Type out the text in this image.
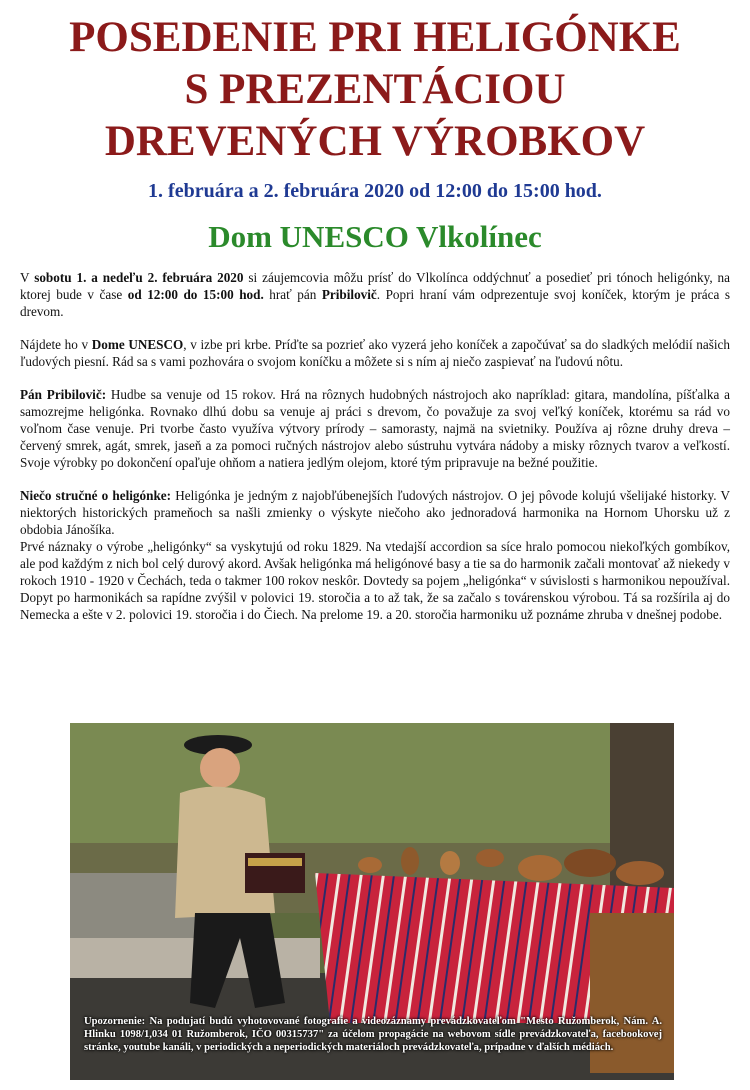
POSEDENIE PRI HELIGÓNKE
S PREZENTÁCIOU
DREVENÝCH VÝROBKOV
1. februára a 2. februára 2020 od 12:00 do 15:00 hod.
Dom UNESCO Vlkolínec

V sobotu 1. a nedeľu 2. februára 2020 si záujemcovia môžu prísť do Vlkolínca oddýchnuť a posedieť pri tónoch heligónky, na ktorej bude v čase od 12:00 do 15:00 hod. hrať pán Pribilovič. Popri hraní vám odprezentuje svoj koníček, ktorým je práca s drevom.

Nájdete ho v Dome UNESCO, v izbe pri krbe. Príďte sa pozrieť ako vyzerá jeho koníček a započúvať sa do sladkých melódií našich ľudových piesní. Rád sa s vami pozhovára o svojom koníčku a môžete si s ním aj niečo zaspievať na ľudovú nôtu.

Pán Pribilovič: Hudbe sa venuje od 15 rokov. Hrá na rôznych hudobných nástrojoch ako napríklad: gitara, mandolína, píšťalka a samozrejme heligónka. Rovnako dlhú dobu sa venuje aj práci s drevom, čo považuje za svoj veľký koníček, ktorému sa rád vo voľnom čase venuje. Pri tvorbe často využíva výtvory prírody – samorasty, najmä na svietniky. Používa aj rôzne druhy dreva – červený smrek, agát, smrek, jaseň a za pomoci ručných nástrojov alebo sústruhu vytvára nádoby a misky rôznych tvarov a veľkostí. Svoje výrobky po dokončení opaľuje ohňom a natiera jedlým olejom, ktoré tým pripravuje na bežné použitie.

Niečo stručné o heligónke: Heligónka je jedným z najobľúbenejších ľudových nástrojov. O jej pôvode kolujú všelijaké historky. V niektorých historických prameňoch sa našli zmienky o výskyte niečoho ako jednoradová harmonika na Hornom Uhorsku už z obdobia Jánošíka.

Prvé náznaky o výrobe „heligónky“ sa vyskytujú od roku 1829. Na vtedajší accordion sa síce hralo pomocou niekoľkých gombíkov, ale pod každým z nich bol celý durový akord. Avšak heligónka má heligónové basy a tie sa do harmonik začali montovať až niekedy v rokoch 1910 - 1920 v Čechách, teda o takmer 100 rokov neskôr. Dovtedy sa pojem „heligónka“ v súvislosti s harmonikou nepoužíval. Dopyt po harmonikách sa rapídne zvýšil v polovici 19. storočia a to až tak, že sa začalo s továrenskou výrobou. Tá sa rozšírila aj do Nemecka a ešte v 2. polovici 19. storočia i do Čiech. Na prelome 19. a 20. storočia harmoniku už poznáme zhruba v dnešnej podobe.

Upozornenie: Na podujatí budú vyhotovované fotografie a videozáznamy prevádzkovateľom "Mesto Ružomberok, Nám. A. Hlinku 1098/1,034 01 Ružomberok, IČO 00315737" za účelom propagácie na webovom sídle prevádzkovateľa, facebookovej stránke, youtube kanáli, v periodických a neperiodických materiáloch prevádzkovateľa, prípadne v ďalších médiách.
